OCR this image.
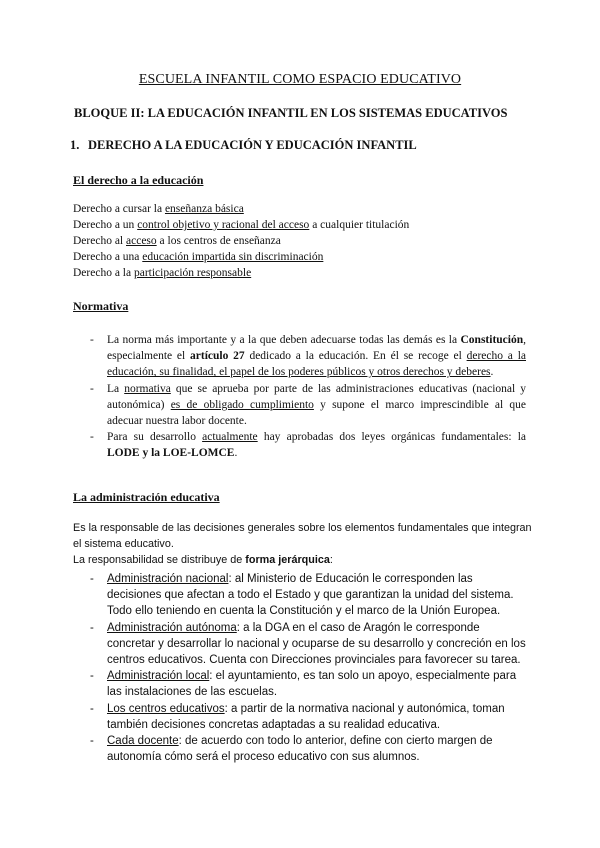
ESCUELA INFANTIL COMO ESPACIO EDUCATIVO
BLOQUE II: LA EDUCACIÓN INFANTIL EN LOS SISTEMAS EDUCATIVOS
1. DERECHO A LA EDUCACIÓN Y EDUCACIÓN INFANTIL
El derecho a la educación
Derecho a cursar la enseñanza básica
Derecho a un control objetivo y racional del acceso a cualquier titulación
Derecho al acceso a los centros de enseñanza
Derecho a una educación impartida sin discriminación
Derecho a la participación responsable
Normativa
- La norma más importante y a la que deben adecuarse todas las demás es la Constitución, especialmente el artículo 27 dedicado a la educación. En él se recoge el derecho a la educación, su finalidad, el papel de los poderes públicos y otros derechos y deberes.
- La normativa que se aprueba por parte de las administraciones educativas (nacional y autonómica) es de obligado cumplimiento y supone el marco imprescindible al que adecuar nuestra labor docente.
- Para su desarrollo actualmente hay aprobadas dos leyes orgánicas fundamentales: la LODE y la LOE-LOMCE.
La administración educativa
Es la responsable de las decisiones generales sobre los elementos fundamentales que integran el sistema educativo.
La responsabilidad se distribuye de forma jerárquica:
- Administración nacional: al Ministerio de Educación le corresponden las decisiones que afectan a todo el Estado y que garantizan la unidad del sistema. Todo ello teniendo en cuenta la Constitución y el marco de la Unión Europea.
- Administración autónoma: a la DGA en el caso de Aragón le corresponde concretar y desarrollar lo nacional y ocuparse de su desarrollo y concreción en los centros educativos. Cuenta con Direcciones provinciales para favorecer su tarea.
- Administración local: el ayuntamiento, es tan solo un apoyo, especialmente para las instalaciones de las escuelas.
- Los centros educativos: a partir de la normativa nacional y autonómica, toman también decisiones concretas adaptadas a su realidad educativa.
- Cada docente: de acuerdo con todo lo anterior, define con cierto margen de autonomía cómo será el proceso educativo con sus alumnos.
